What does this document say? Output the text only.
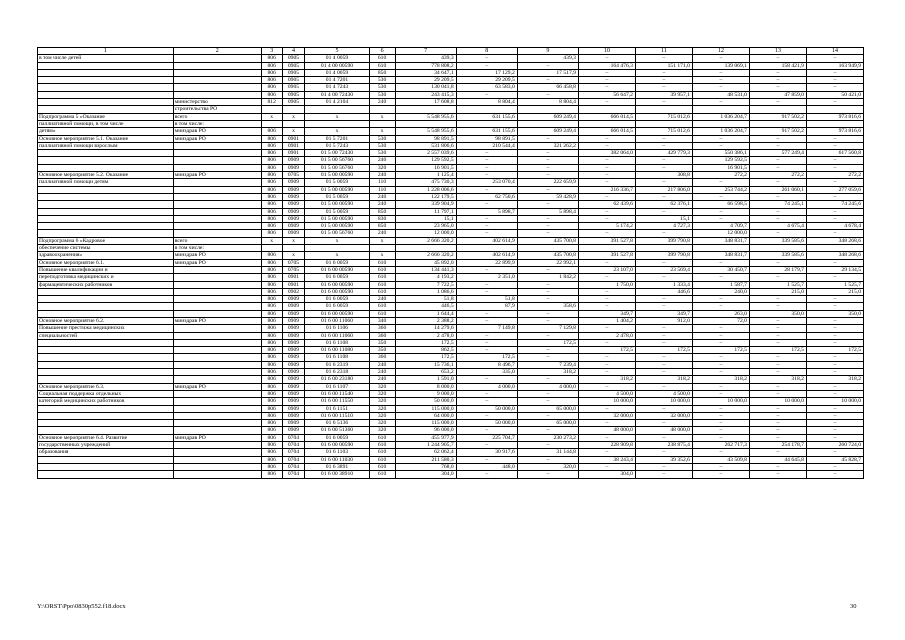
1	2	3	4	5	6	7	8	9	10	11	12	13	14
в том числе детей		806	0905	01 4 0059	610	439,3	–	439,3	–	–	–	–	–
		806	0905	01 4 00 00590	610	778 808,2	–	–	164 476,3	151 171,0	139 069,1	158 421,9	163 949,9
		806	0905	01 4 0059	850	34 647,1	17 129,2	17 517,9	–	–	–	–	–
		806	0905	01 4 7201	530	29 209,5	29 209,5	–	–	–	–	–	–
		806	0905	01 4 7243	530	130 041,8	63 583,0	66 458,8	–	–	–	–	–
		806	0905	01 4 00 72430	530	243 415,3	–	–	56 647,2	39 957,1	48 531,0	47 859,0	50 421,0
	министерство	812	0905	01 4 2104	240	17 608,8	8 804,4	8 804,4	–	–	–	–	–
	строительства РО												
Подпрограмма 5 «Оказание	всего	x	x	x	x	5 548 955,6	631 155,6	609 249,4	666 014,5	715 012,6	1 036 204,7	917 502,2	973 816,6
паллиативной помощи, в том числе	в том числе:												
детям»	минздрав РО	806	x	x	x	5 548 955,6	631 155,6	609 249,4	666 014,5	715 012,6	1 036 204,7	917 502,2	973 816,6
Основное мероприятие 5.1. Оказание	минздрав РО	806	0901	01 5 7201	530	98 891,5	98 891,5	–	–	–	–	–	–
паллиативной помощи взрослым		806	0901	01 5 7243	530	531 806,6	210 544,4	321 262,2	–	–	–	–	–
		806	0901	01 5 00 72430	530	2 557 039,6	–	–	382 064,0	429 779,3	550 386,1	577 249,4	617 560,8
		806	0909	01 5 00 56760	240	129 592,5	–	–	–	–	129 592,5	–	–
		806	0909	01 5 00 56760	320	16 901,5	–	–	–	–	16 901,5	–	–
Основное мероприятие 5.2. Оказание	минздрав РО	806	0705	01 5 00 00590	240	1 125,4	–	–	–	308,8	272,2	272,2	272,2
паллиативной помощи детям		806	0909	01 5 0059	110	475 730,3	253 070,4	222 659,9	–	–	–	–	–
		806	0909	01 5 00 00590	110	1 228 006,6	–	–	216 336,7	217 806,0	253 744,2	261 060,1	277 059,6
		806	0909	01 5 0059	240	122 179,5	62 750,6	59 428,9	–	–	–	–	–
		806	0909	01 5 00 00590	240	339 904,9	–	–	62 439,6	62 376,1	66 598,5	74 245,1	74 245,6
		806	0909	01 5 0059	850	11 797,1	5 898,7	5 898,4	–	–	–	–	–
		806	0909	01 5 00 00590	830	15,1	–	–	–	15,1	–	–	–
		806	0909	01 5 00 00590	850	23 965,0	–	–	5 174,2	4 727,3	4 709,7	4 675,4	4 678,4
		806	0909	01 5 00 56760	240	12 000,0	–	–	–	–	12 000,0	–	–
Подпрограмма 6 «Кадровое	всего	x	x	x	x	2 666 320,2	402 614,9	435 700,8	391 527,8	399 790,8	348 831,7	339 585,6	348 268,6
обеспечение системы	в том числе:												
здравоохранения»	минздрав РО	806	x	x	x	2 666 320,2	402 614,9	435 700,8	391 527,8	399 790,8	348 831,7	339 585,6	348 268,6
Основное мероприятие 6.1.	минздрав РО	806	0705	01 6 0059	610	45 892,0	22 899,9	22 992,1	–	–	–	–	–
Повышение квалификации и		806	0705	01 6 00 00590	610	134 441,3	–	–	23 107,0	23 569,4	30 450,7	28 179,7	29 134,5
переподготовка медицинских и		806	0901	01 6 0059	610	4 193,2	2 351,0	1 842,2	–	–	–	–	–
фармацевтических работников		806	0901	01 6 00 00590	610	7 722,5	–	–	1 750,0	1 333,4	1 587,7	1 525,7	1 525,7
		806	0902	01 6 00 00590	610	1 086,6	–	–	–	446,6	240,0	215,0	215,0
		806	0909	01 6 0059	240	51,8	51,8	–	–	–	–	–	–
		806	0909	01 6 0059	610	446,5	87,9	358,6	–	–	–	–	–
		806	0909	01 6 00 00590	610	1 644,4	–	–	349,7	349,7	263,0	350,0	350,0
Основное мероприятие 6.2.	минздрав РО	806	0909	01 6 00 11060	340	2 388,2	–	–	1 404,2	912,0	72,0	–	–
Повышение престижа медицинских		806	0909	01 6 1106	360	14 279,6	7 149,8	7 129,8	–	–	–	–	–
специальностей		806	0909	01 6 00 11060	360	2 478,0	–	–	2 478,0	–	–	–	–
		806	0909	01 6 1108	350	172,5	–	172,5	–	–	–	–	–
		806	0909	01 6 00 11080	350	862,5	–	–	172,5	172,5	172,5	172,5	172,5
		806	0909	01 6 1108	360	172,5	172,5	–	–	–	–	–	–
		806	0909	01 6 2319	240	15 736,1	8 496,7	7 239,4	–	–	–	–	–
		806	0909	01 6 2318	240	653,2	335,0	318,2	–	–	–	–	–
		806	0909	01 6 00 23180	240	1 591,0	–	–	318,2	318,2	318,2	318,2	318,2
Основное мероприятие 6.3.	минздрав РО	806	0909	01 6 1107	320	8 000,0	4 000,0	4 000,0	–	–	–	–	–
Социальная поддержка отдельных		806	0909	01 6 00 11540	320	9 000,0	–	–	4 500,0	4 500,0	–	–	–
категорий медицинских работников		806	0909	01 6 00 11550	320	50 000,0	–	–	10 000,0	10 000,0	10 000,0	10 000,0	10 000,0
		806	0909	01 6 1151	320	115 000,0	50 000,0	65 000,0	–	–	–	–	–
		806	0909	01 6 00 11510	320	64 000,0	–	–	32 000,0	32 000,0	–	–	–
		806	0909	01 6 5136	320	115 000,0	50 000,0	65 000,0	–	–	–	–	–
		806	0909	01 6 00 51360	320	96 000,0	–	–	48 000,0	48 000,0	–	–	–
Основное мероприятие 6.4. Развитие	минздрав РО	806	0704	01 6 0059	610	455 977,9	225 704,7	230 273,2	–	–	–	–	–
государственных учреждений		806	0704	01 6 00 00590	610	1 244 905,7	–	–	228 909,8	238 875,4	262 717,3	254 178,7	260 724,0
образования		806	0704	01 6 1103	610	62 062,4	30 917,6	31 144,8	–	–	–	–	–
		806	0704	01 6 00 11030	610	211 580,3	–	–	38 243,4	39 352,6	43 509,8	44 645,8	45 828,7
		806	0704	01 6 3891	610	768,0	448,0	320,0	–	–	–	–	–
		806	0704	01 6 00 38910	610	304,0	–	–	304,0	–	–	–	–
Y:\ORST\Ppo\0830p552.f18.docx	30
